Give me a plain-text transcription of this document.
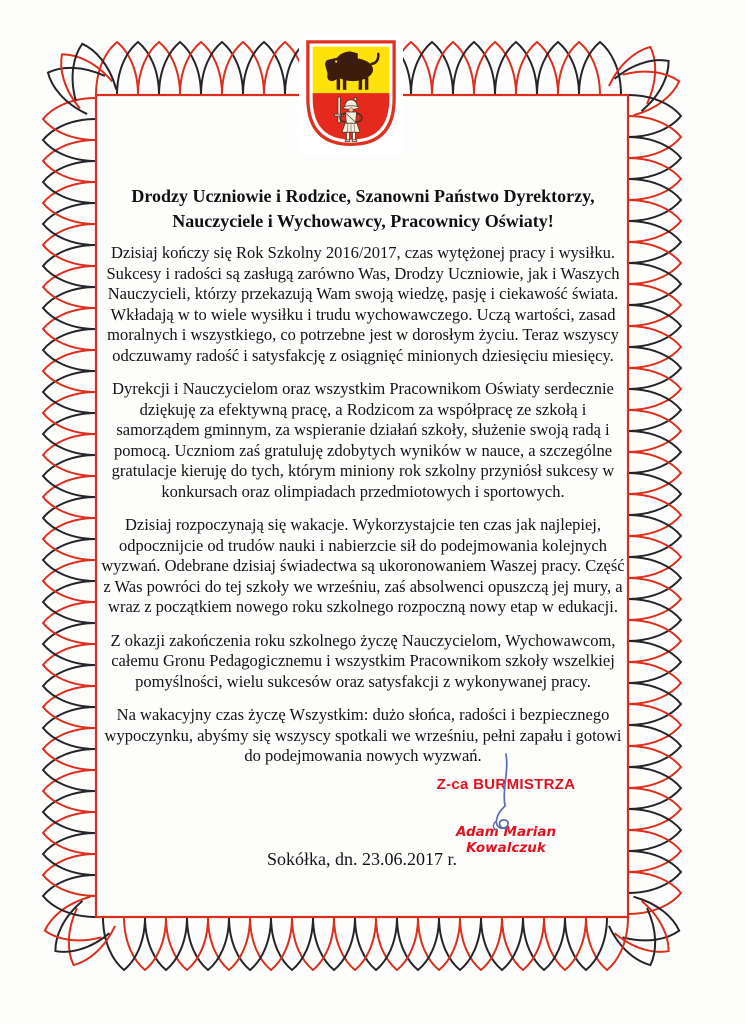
Drodzy Uczniowie i Rodzice, Szanowni Państwo Dyrektorzy,
Nauczyciele i Wychowawcy, Pracownicy Oświaty!

Dzisiaj kończy się Rok Szkolny 2016/2017, czas wytężonej pracy i wysiłku. Sukcesy i radości są zasługą zarówno Was, Drodzy Uczniowie, jak i Waszych Nauczycieli, którzy przekazują Wam swoją wiedzę, pasję i ciekawość świata. Wkładają w to wiele wysiłku i trudu wychowawczego. Uczą wartości, zasad moralnych i wszystkiego, co potrzebne jest w dorosłym życiu. Teraz wszyscy odczuwamy radość i satysfakcję z osiągnięć minionych dziesięciu miesięcy.

Dyrekcji i Nauczycielom oraz wszystkim Pracownikom Oświaty serdecznie dziękuję za efektywną pracę, a Rodzicom za współpracę ze szkołą i samorządem gminnym, za wspieranie działań szkoły, służenie swoją radą i pomocą. Uczniom zaś gratuluję zdobytych wyników w nauce, a szczególne gratulacje kieruję do tych, którym miniony rok szkolny przyniósł sukcesy w konkursach oraz olimpiadach przedmiotowych i sportowych.

Dzisiaj rozpoczynają się wakacje. Wykorzystajcie ten czas jak najlepiej, odpocznijcie od trudów nauki i nabierzcie sił do podejmowania kolejnych wyzwań. Odebrane dzisiaj świadectwa są ukoronowaniem Waszej pracy. Część z Was powróci do tej szkoły we wrześniu, zaś absolwenci opuszczą jej mury, a wraz z początkiem nowego roku szkolnego rozpoczną nowy etap w edukacji.

Z okazji zakończenia roku szkolnego życzę Nauczycielom, Wychowawcom, całemu Gronu Pedagogicznemu i wszystkim Pracownikom szkoły wszelkiej pomyślności, wielu sukcesów oraz satysfakcji z wykonywanej pracy.

Na wakacyjny czas życzę Wszystkim: dużo słońca, radości i bezpiecznego wypoczynku, abyśmy się wszyscy spotkali we wrześniu, pełni zapału i gotowi do podejmowania nowych wyzwań.

Z-ca BURMISTRZA
Adam Marian Kowalczuk
Sokółka, dn. 23.06.2017 r.
